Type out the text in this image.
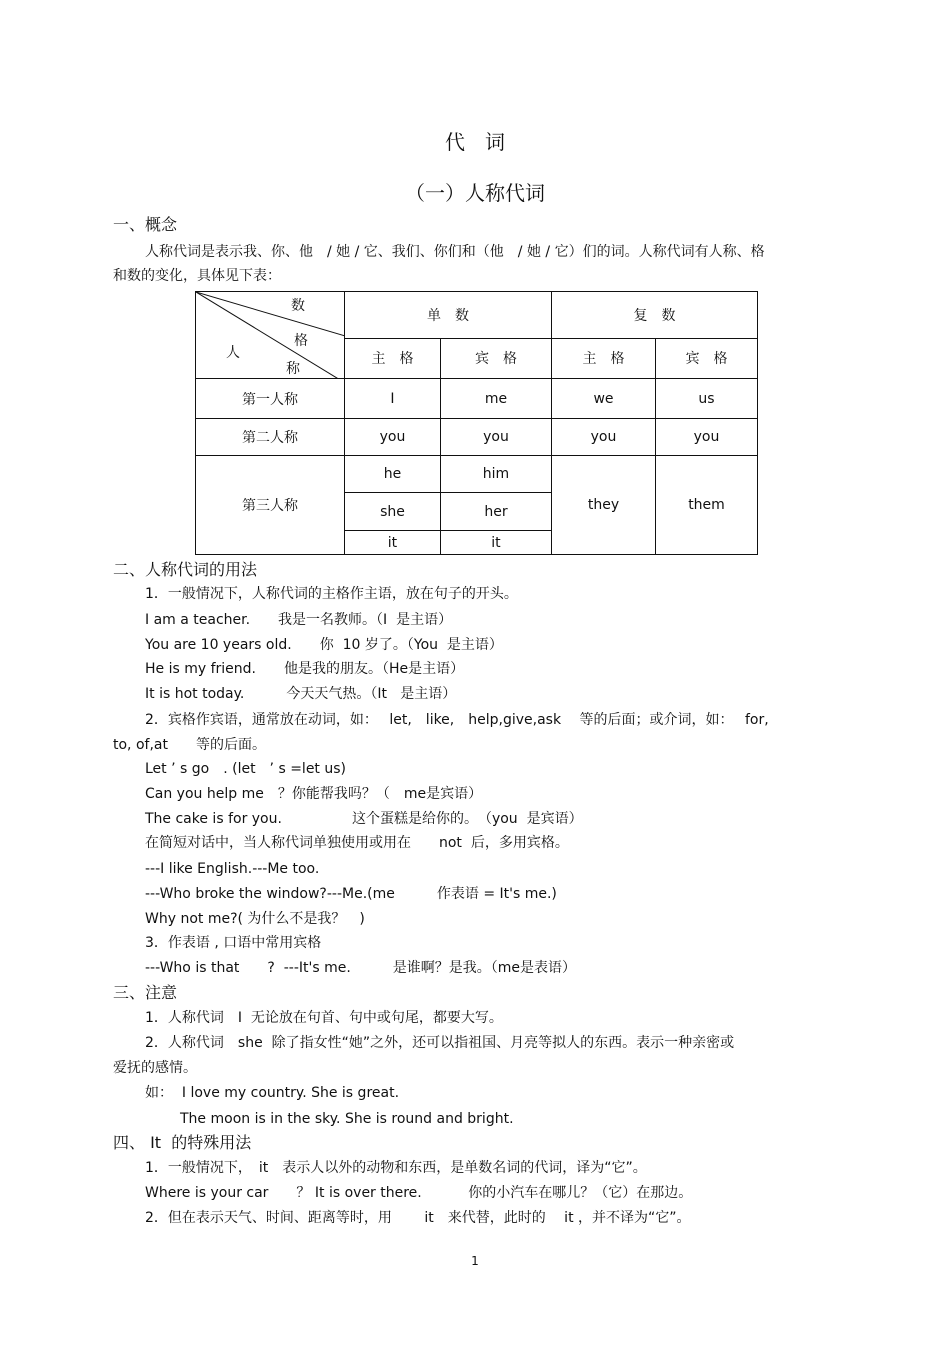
代　词
（一）人称代词
一、概念
人称代词是表示我、你、他　/ 她 / 它、我们、你们和（他　/ 她 / 它）们的词。人称代词有人称、格
和数的变化，具体见下表：
数
格
人
称	单　数		复　数	
	主　格	宾　格	主　格	宾　格
第一人称	I	me	we	us
第二人称	you	you	you	you
第三人称	he	him	they	them
	she	her		
	it	it		
二、人称代词的用法
1．一般情况下，人称代词的主格作主语，放在句子的开头。
I am a teacher.　　我是一名教师。（I  是主语）
You are 10 years old.　　你  10 岁了。（You  是主语）
He is my friend.　　他是我的朋友。（He是主语）
It is hot today.　　　今天天气热。（It   是主语）
2．宾格作宾语，通常放在动词，如：　 let,　like,　help,give,ask　 等的后面；或介词，如：　 for,
to, of,at　　等的后面。
Let ’ s go　. (let　’ s =let us)
Can you help me　？你能帮我吗？（　me是宾语）
The cake is for you.　　　　　这个蛋糕是给你的。　（you  是宾语）
在简短对话中，当人称代词单独使用或用在　　not  后，多用宾格。
---I like English.---Me too.
---Who broke the window?---Me.(me　　　作表语 = It's me.)
Why not me?( 为什么不是我？　)
3．作表语 , 口语中常用宾格
---Who is that　　?  ---It's me.　　　是谁啊？是我。（me是表语）
三、注意
1．人称代词　I  无论放在句首、句中或句尾，都要大写。
2．人称代词　she  除了指女性“她”之外，还可以指祖国、月亮等拟人的东西。表示一种亲密或
爱抚的感情。
如：  I love my country. She is great.
The moon is in the sky. She is round and bright.
四、 It  的特殊用法
1．一般情况下，　it　表示人以外的动物和东西，是单数名词的代词，译为“它”。
Where is your car　　？ It is over there.　　　 你的小汽车在哪儿？（它）在那边。
2．但在表示天气、时间、距离等时，用　　 it　来代替，此时的　 it ，并不译为“它”。
1
